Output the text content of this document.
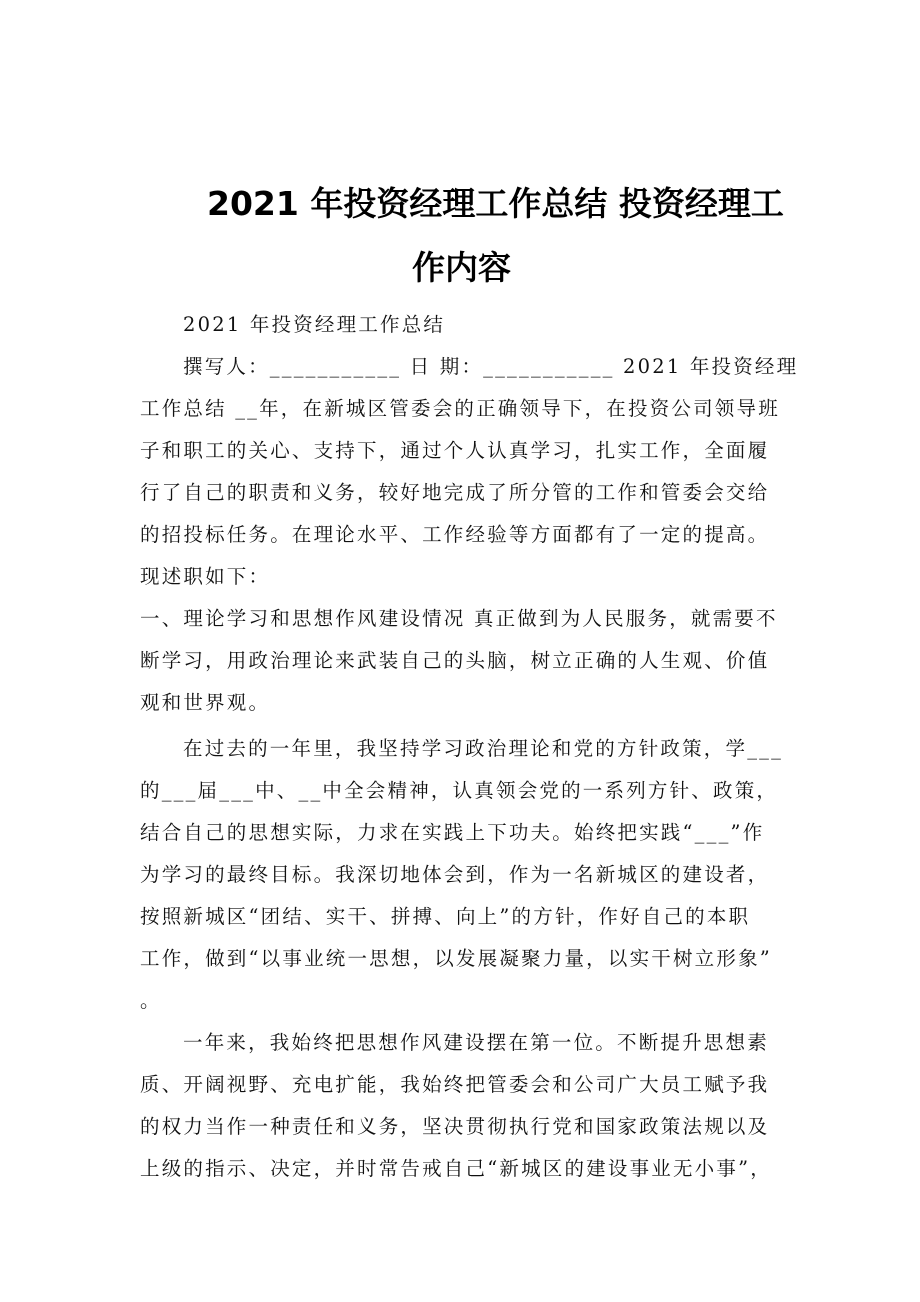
2021 年投资经理工作总结 投资经理工
作内容
2021 年投资经理工作总结
撰写人：___________ 日 期：___________ 2021 年投资经理
工作总结 __年，在新城区管委会的正确领导下，在投资公司领导班
子和职工的关心、支持下，通过个人认真学习，扎实工作，全面履
行了自己的职责和义务，较好地完成了所分管的工作和管委会交给
的招投标任务。在理论水平、工作经验等方面都有了一定的提高。
现述职如下：
一、理论学习和思想作风建设情况 真正做到为人民服务，就需要不
断学习，用政治理论来武装自己的头脑，树立正确的人生观、价值
观和世界观。
在过去的一年里，我坚持学习政治理论和党的方针政策，学___
的___届___中、__中全会精神，认真领会党的一系列方针、政策，
结合自己的思想实际，力求在实践上下功夫。始终把实践“___”作
为学习的最终目标。我深切地体会到，作为一名新城区的建设者，
按照新城区“团结、实干、拼搏、向上”的方针，作好自己的本职
工作，做到“以事业统一思想，以发展凝聚力量，以实干树立形象”
。
一年来，我始终把思想作风建设摆在第一位。不断提升思想素
质、开阔视野、充电扩能，我始终把管委会和公司广大员工赋予我
的权力当作一种责任和义务，坚决贯彻执行党和国家政策法规以及
上级的指示、决定，并时常告戒自己“新城区的建设事业无小事”，
